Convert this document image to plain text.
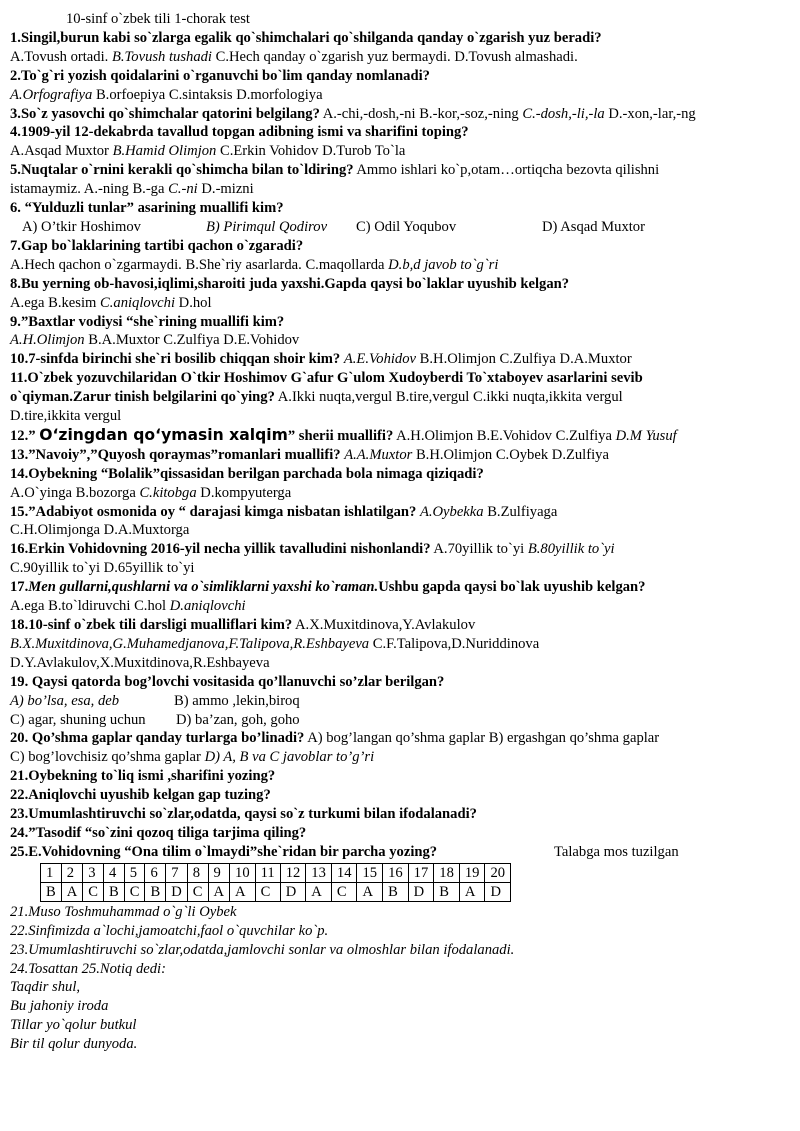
10-sinf o`zbek tili 1-chorak test
1.Singil,burun kabi so`zlarga egalik qo`shimchalari qo`shilganda qanday o`zgarish yuz beradi?
A.Tovush ortadi. B.Tovush tushadi C.Hech qanday o`zgarish yuz bermaydi. D.Tovush almashadi.
2.To`g`ri yozish qoidalarini o`rganuvchi bo`lim qanday nomlanadi?
A.Orfografiya B.orfoepiya C.sintaksis D.morfologiya
3.So`z yasovchi qo`shimchalar qatorini belgilang? A.-chi,-dosh,-ni B.-kor,-soz,-ning C.-dosh,-li,-la D.-xon,-lar,-ng
4.1909-yil 12-dekabrda tavallud topgan adibning ismi va sharifini toping?
A.Asqad Muxtor B.Hamid Olimjon C.Erkin Vohidov D.Turob To`la
5.Nuqtalar o`rnini kerakli qo`shimcha bilan to`ldiring? Ammo ishlari ko`p,otam…ortiqcha bezovta qilishni
istamaymiz. A.-ning B.-ga C.-ni D.-mizni
6. “Yulduzli tunlar” asarining muallifi kim?
A) O’tkir Hoshimov	B) Pirimqul Qodirov C) Odil Yoqubov	D) Asqad Muxtor
7.Gap bo`laklarining tartibi qachon o`zgaradi?
A.Hech qachon o`zgarmaydi. B.She`riy asarlarda. C.maqollarda D.b,d javob to`g`ri
8.Bu yerning ob-havosi,iqlimi,sharoiti juda yaxshi.Gapda qaysi bo`laklar uyushib kelgan?
A.ega B.kesim C.aniqlovchi D.hol
9.”Baxtlar vodiysi “she`rining muallifi kim?
A.H.Olimjon B.A.Muxtor C.Zulfiya D.E.Vohidov
10.7-sinfda birinchi she`ri bosilib chiqqan shoir kim? A.E.Vohidov B.H.Olimjon C.Zulfiya D.A.Muxtor
11.O`zbek yozuvchilaridan O`tkir Hoshimov G`afur G`ulom Xudoyberdi To`xtaboyev asarlarini sevib
o`qiyman.Zarur tinish belgilarini qo`ying? A.Ikki nuqta,vergul B.tire,vergul C.ikki nuqta,ikkita vergul
D.tire,ikkita vergul
12.” O‘zingdan qo‘ymasin xalqim” sherii muallifi? A.H.Olimjon B.E.Vohidov C.Zulfiya D.M Yusuf
13.”Navoiy”,”Quyosh qoraymas”romanlari muallifi? A.A.Muxtor B.H.Olimjon C.Oybek D.Zulfiya
14.Oybekning “Bolalik”qissasidan berilgan parchada bola nimaga qiziqadi?
A.O`yinga B.bozorga C.kitobga D.kompyuterga
15.”Adabiyot osmonida oy “ darajasi kimga nisbatan ishlatilgan? A.Oybekka B.Zulfiyaga
C.H.Olimjonga D.A.Muxtorga
16.Erkin Vohidovning 2016-yil necha yillik tavalludini nishonlandi? A.70yillik to`yi B.80yillik to`yi
C.90yillik to`yi D.65yillik to`yi
17.Men gullarni,qushlarni va o`simliklarni yaxshi ko`raman.Ushbu gapda qaysi bo`lak uyushib kelgan?
A.ega B.to`ldiruvchi C.hol D.aniqlovchi
18.10-sinf o`zbek tili darsligi mualliflari kim? A.X.Muxitdinova,Y.Avlakulov
B.X.Muxitdinova,G.Muhamedjanova,F.Talipova,R.Eshbayeva C.F.Talipova,D.Nuriddinova
D.Y.Avlakulov,X.Muxitdinova,R.Eshbayeva
19. Qaysi qatorda bog’lovchi vositasida qo’llanuvchi so’zlar berilgan?
A) bo’lsa, esa, deb	B) ammo ,lekin,biroq
C) agar, shuning uchun D) ba’zan, goh, goho
20. Qo’shma gaplar qanday turlarga bo’linadi? A) bog’langan qo’shma gaplar B) ergashgan qo’shma gaplar
C) bog’lovchisiz qo’shma gaplar D) A, B va C javoblar to’g’ri
21.Oybekning to`liq ismi ,sharifini yozing?
22.Aniqlovchi uyushib kelgan gap tuzing?
23.Umumlashtiruvchi so`zlar,odatda, qaysi so`z turkumi bilan ifodalanadi?
24.”Tasodif “so`zini qozoq tiliga tarjima qiling?
25.E.Vohidovning “Ona tilim o`lmaydi”she`ridan bir parcha yozing?	Talabga mos tuzilgan
1	2	3	4	5	6	7	8	9	10	11	12	13	14	15	16	17	18	19	20
B	A	C	B	C	B	D	C	A	A	C	D	A	C	A	B	D	B	A	D
21.Muso Toshmuhammad o`g`li Oybek
22.Sinfimizda a`lochi,jamoatchi,faol o`quvchilar ko`p.
23.Umumlashtiruvchi so`zlar,odatda,jamlovchi sonlar va olmoshlar bilan ifodalanadi.
24.Tosattan 25.Notiq dedi:
Taqdir shul,
Bu jahoniy iroda
Tillar yo`qolur butkul
Bir til qolur dunyoda.
